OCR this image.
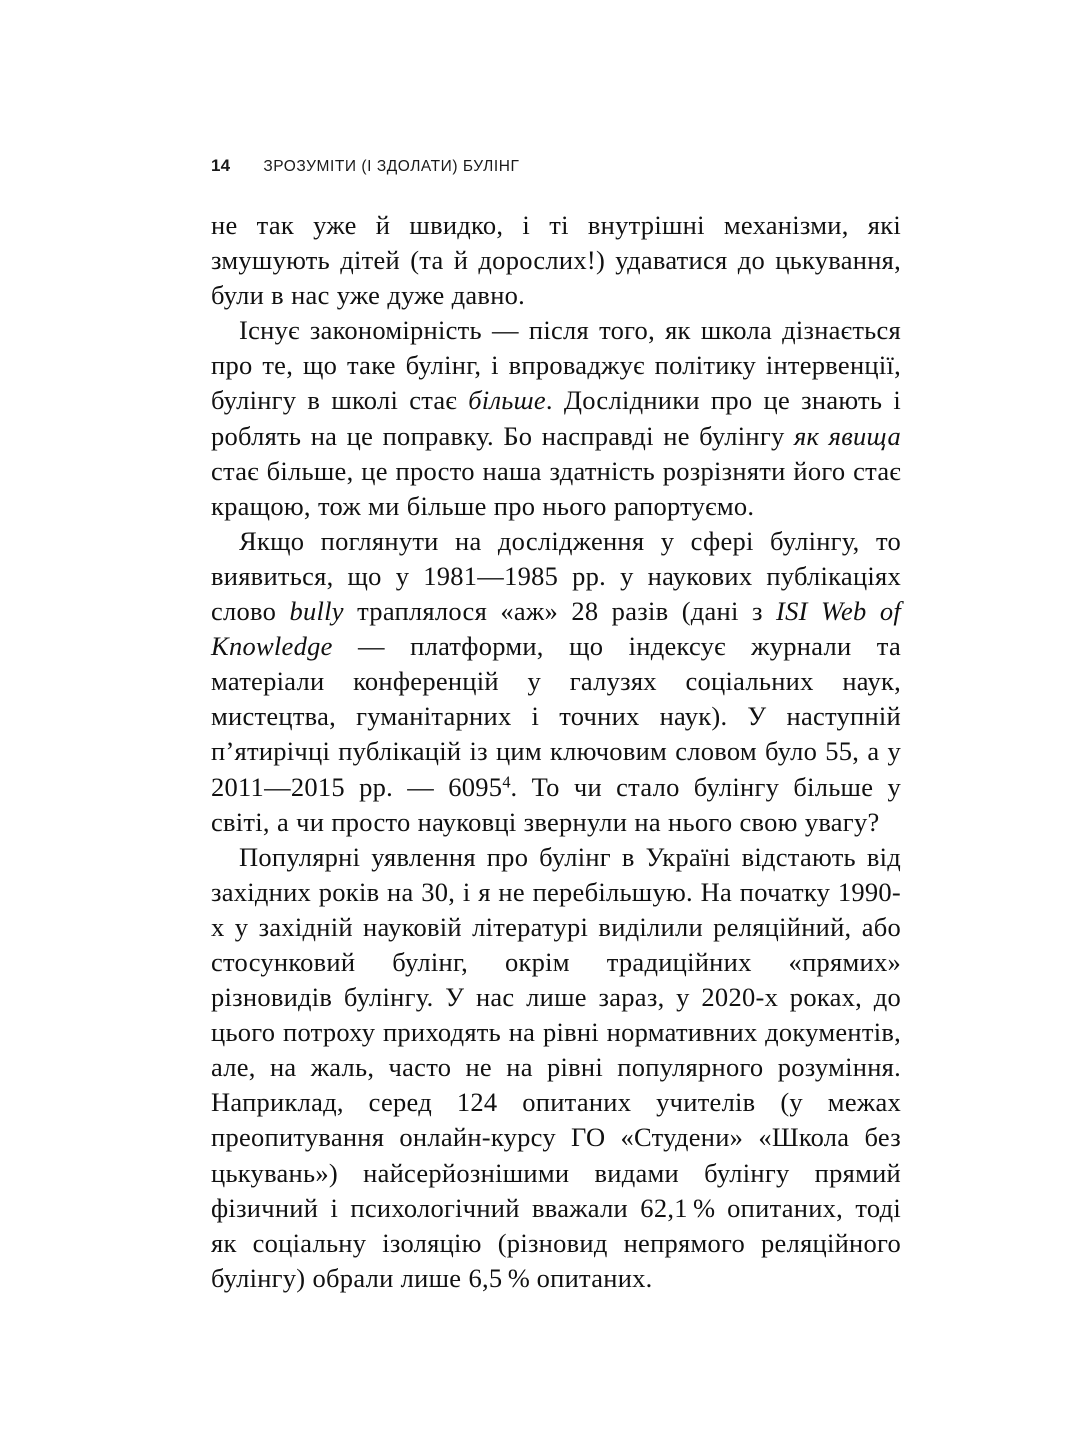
14 ЗРОЗУМІТИ (І ЗДОЛАТИ) БУЛІНГ

не так уже й швидко, і ті внутрішні механізми, які змушують дітей (та й дорослих!) удаватися до цькування, були в нас уже дуже давно.

Існує закономірність — після того, як школа дізнається про те, що таке булінг, і впроваджує політику інтервенції, булінгу в школі стає більше. Дослідники про це знають і роблять на це поправку. Бо насправді не булінгу як явища стає більше, це просто наша здатність розрізняти його стає кращою, тож ми більше про нього рапортуємо.

Якщо поглянути на дослідження у сфері булінгу, то виявиться, що у 1981—1985 рр. у наукових публікаціях слово bully траплялося «аж» 28 разів (дані з ISI Web of Knowledge — платформи, що індексує журнали та матеріали конференцій у галузях соціальних наук, мистецтва, гуманітарних і точних наук). У наступній п’ятирічці публікацій із цим ключовим словом було 55, а у 2011—2015 рр. — 6095$^4$. То чи стало булінгу більше у світі, а чи просто науковці звернули на нього свою увагу?

Популярні уявлення про булінг в Україні відстають від західних років на 30, і я не перебільшую. На початку 1990-х у західній науковій літературі виділили реляційний, або стосунковий булінг, окрім традиційних «прямих» різновидів булінгу. У нас лише зараз, у 2020-х роках, до цього потроху приходять на рівні нормативних документів, але, на жаль, часто не на рівні популярного розуміння. Наприклад, серед 124 опитаних учителів (у межах преопитування онлайн-курсу ГО «Студени» «Школа без цькувань») найсерйознішими видами булінгу прямий фізичний і психологічний вважали 62,1 % опитаних, тоді як соціальну ізоляцію (різновид непрямого реляційного булінгу) обрали лише 6,5 % опитаних.
